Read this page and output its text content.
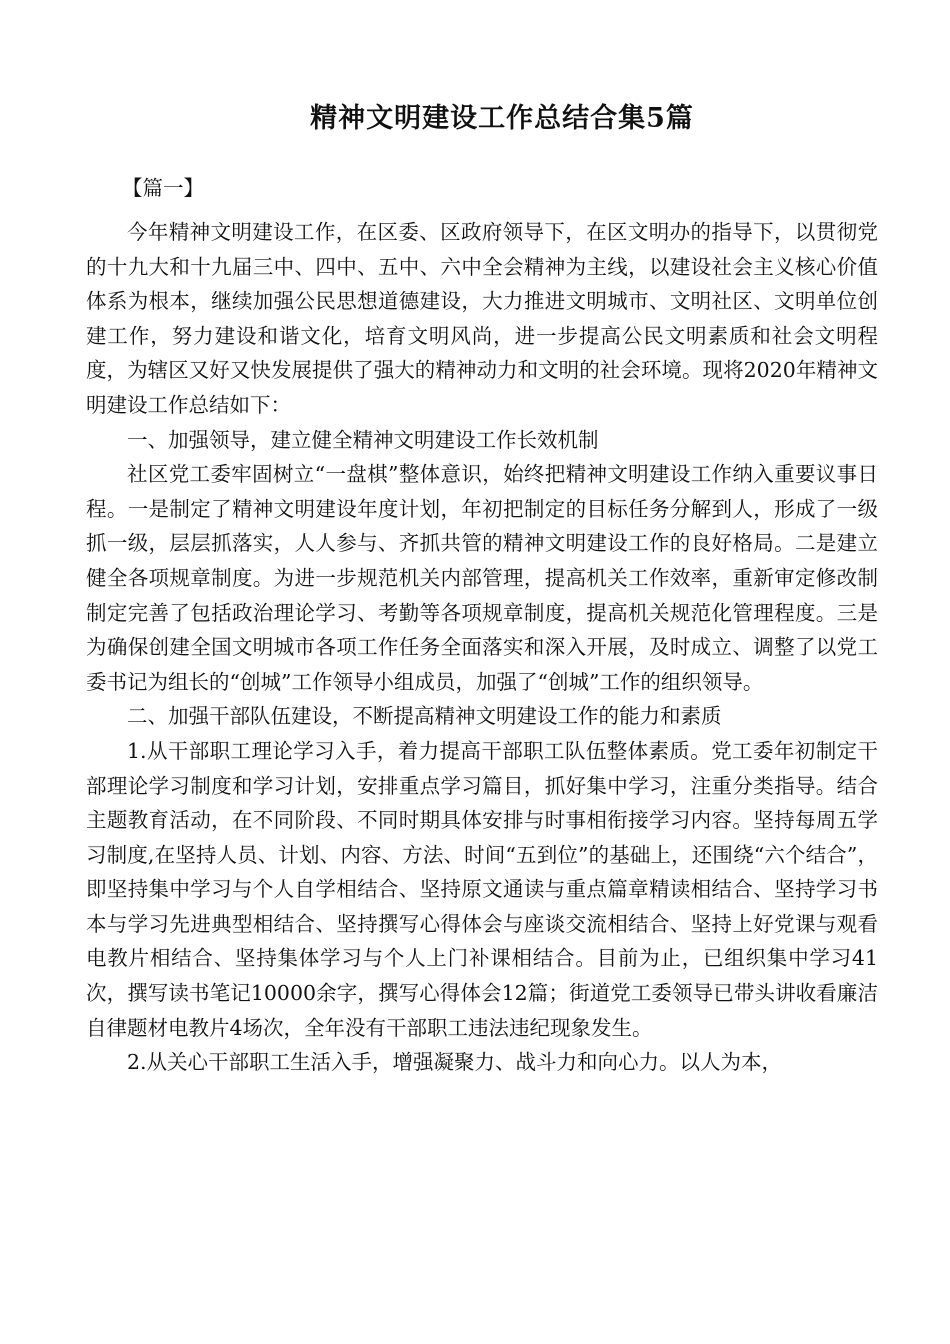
精神文明建设工作总结合集5篇
【篇一】

今年精神文明建设工作，在区委、区政府领导下，在区文明办的指导下，以贯彻党的十九大和十九届三中、四中、五中、六中全会精神为主线，以建设社会主义核心价值体系为根本，继续加强公民思想道德建设，大力推进文明城市、文明社区、文明单位创建工作，努力建设和谐文化，培育文明风尚，进一步提高公民文明素质和社会文明程度，为辖区又好又快发展提供了强大的精神动力和文明的社会环境。现将2020年精神文明建设工作总结如下：

一、加强领导，建立健全精神文明建设工作长效机制

社区党工委牢固树立“一盘棋”整体意识，始终把精神文明建设工作纳入重要议事日程。一是制定了精神文明建设年度计划，年初把制定的目标任务分解到人，形成了一级抓一级，层层抓落实，人人参与、齐抓共管的精神文明建设工作的良好格局。二是建立健全各项规章制度。为进一步规范机关内部管理，提高机关工作效率，重新审定修改制制定完善了包括政治理论学习、考勤等各项规章制度，提高机关规范化管理程度。三是为确保创建全国文明城市各项工作任务全面落实和深入开展，及时成立、调整了以党工委书记为组长的“创城”工作领导小组成员，加强了“创城”工作的组织领导。

二、加强干部队伍建设，不断提高精神文明建设工作的能力和素质

1.从干部职工理论学习入手，着力提高干部职工队伍整体素质。党工委年初制定干部理论学习制度和学习计划，安排重点学习篇目，抓好集中学习，注重分类指导。结合主题教育活动，在不同阶段、不同时期具体安排与时事相衔接学习内容。坚持每周五学习制度,在坚持人员、计划、内容、方法、时间“五到位”的基础上，还围绕“六个结合”，即坚持集中学习与个人自学相结合、坚持原文通读与重点篇章精读相结合、坚持学习书本与学习先进典型相结合、坚持撰写心得体会与座谈交流相结合、坚持上好党课与观看电教片相结合、坚持集体学习与个人上门补课相结合。目前为止，已组织集中学习41次，撰写读书笔记10000余字，撰写心得体会12篇；街道党工委领导已带头讲收看廉洁自律题材电教片4场次，全年没有干部职工违法违纪现象发生。

2.从关心干部职工生活入手，增强凝聚力、战斗力和向心力。以人为本，
